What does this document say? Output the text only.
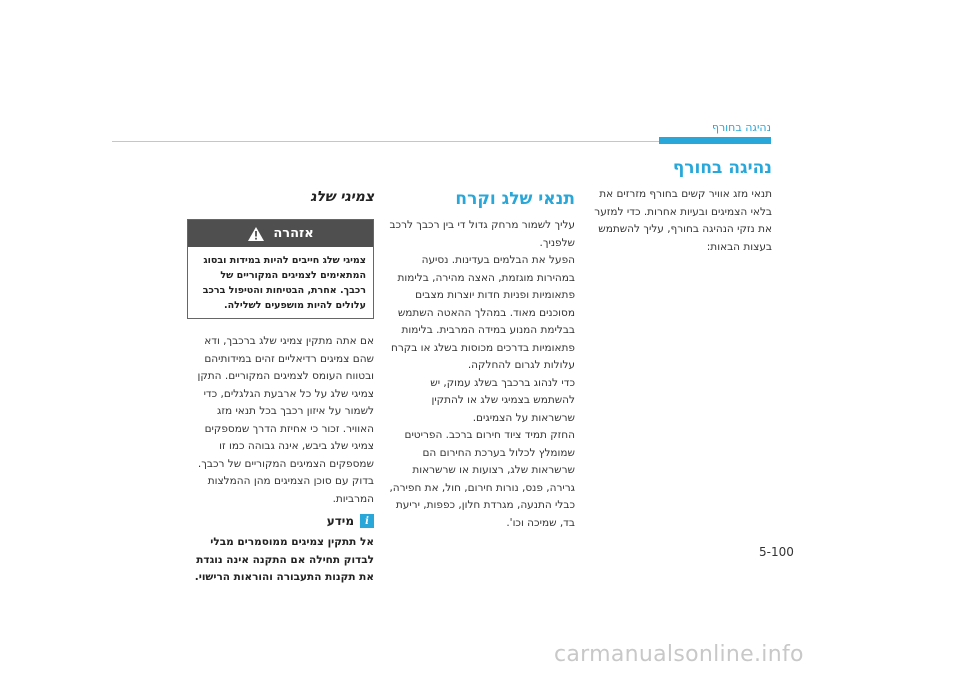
נהיגה בחורף
נהיגה בחורף

תנאי מזג אוויר קשים בחורף מזרזים את בלאי הצמיגים ובעיות אחרות. כדי למזער את נזקי הנהיגה בחורף, עליך להשתמש בעצות הבאות:

תנאי שלג וקרח

עליך לשמור מרחק גדול די בין רכבך לרכב שלפניך.

הפעל את הבלמים בעדינות. נסיעה במהירות מוגזמת, האצה מהירה, בלימות פתאומיות ופניות חדות יוצרות מצבים מסוכנים מאוד. במהלך ההאטה השתמש בבלימת המנוע במידה המרבית. בלימות פתאומיות בדרכים מכוסות בשלג או בקרח עלולות לגרום להחלקה.

כדי לנהוג ברכבך בשלג עמוק, יש להשתמש בצמיגי שלג או להתקין שרשראות על הצמיגים.

החזק תמיד ציוד חירום ברכב. הפריטים שמומלץ לכלול בערכת החירום הם שרשראות שלג, רצועות או שרשראות גרירה, פנס, נורות חירום, חול, את חפירה, כבלי התנעה, מגרדת חלון, כפפות, יריעת בד, שמיכה וכו'.

צמיגי שלג
אזהרה
צמיגי שלג חייבים להיות במידות ובסוג המתאימים לצמיגים המקוריים של רכבך. אחרת, הבטיחות והטיפול ברכב עלולים להיות מושפעים לשלילה.

אם אתה מתקין צמיגי שלג ברכבך, ודא שהם צמיגים רדיאליים זהים במידותיהם ובטווח העומס לצמיגים המקוריים. התקן צמיגי שלג על כל ארבעת הגלגלים, כדי לשמור על איזון רכבך בכל תנאי מזג האוויר. זכור כי אחיזת הדרך שמספקים צמיגי שלג ביבש, אינה גבוהה כמו זו שמספקים הצמיגים המקוריים של רכבך. בדוק עם סוכן הצמיגים מהן ההמלצות המרביות.

i
מידע
אל תתקין צמיגים ממוסמרים מבלי לבדוק תחילה אם התקנה אינה נוגדת את תקנות התעבורה והוראות הרישוי.
5-100
carmanualsonline.info
